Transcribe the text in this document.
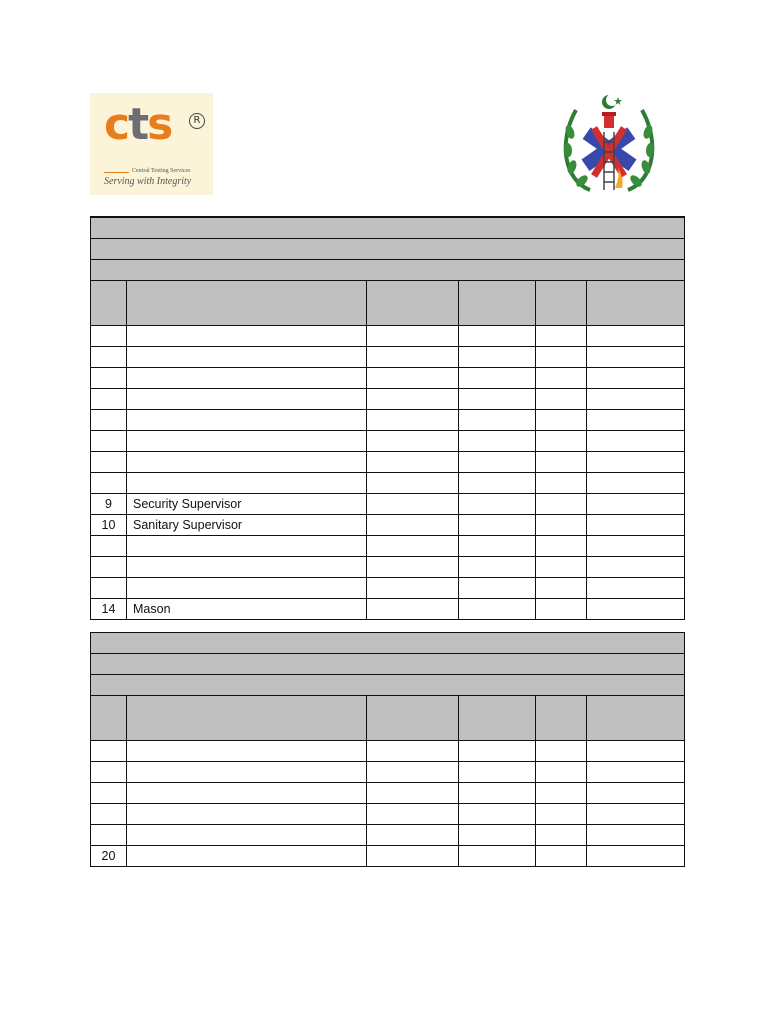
cts	R
Central Testing Services
Serving with Integrity

9	Security Supervisor				
10	Sanitary Supervisor				

14	Mason				

20					
